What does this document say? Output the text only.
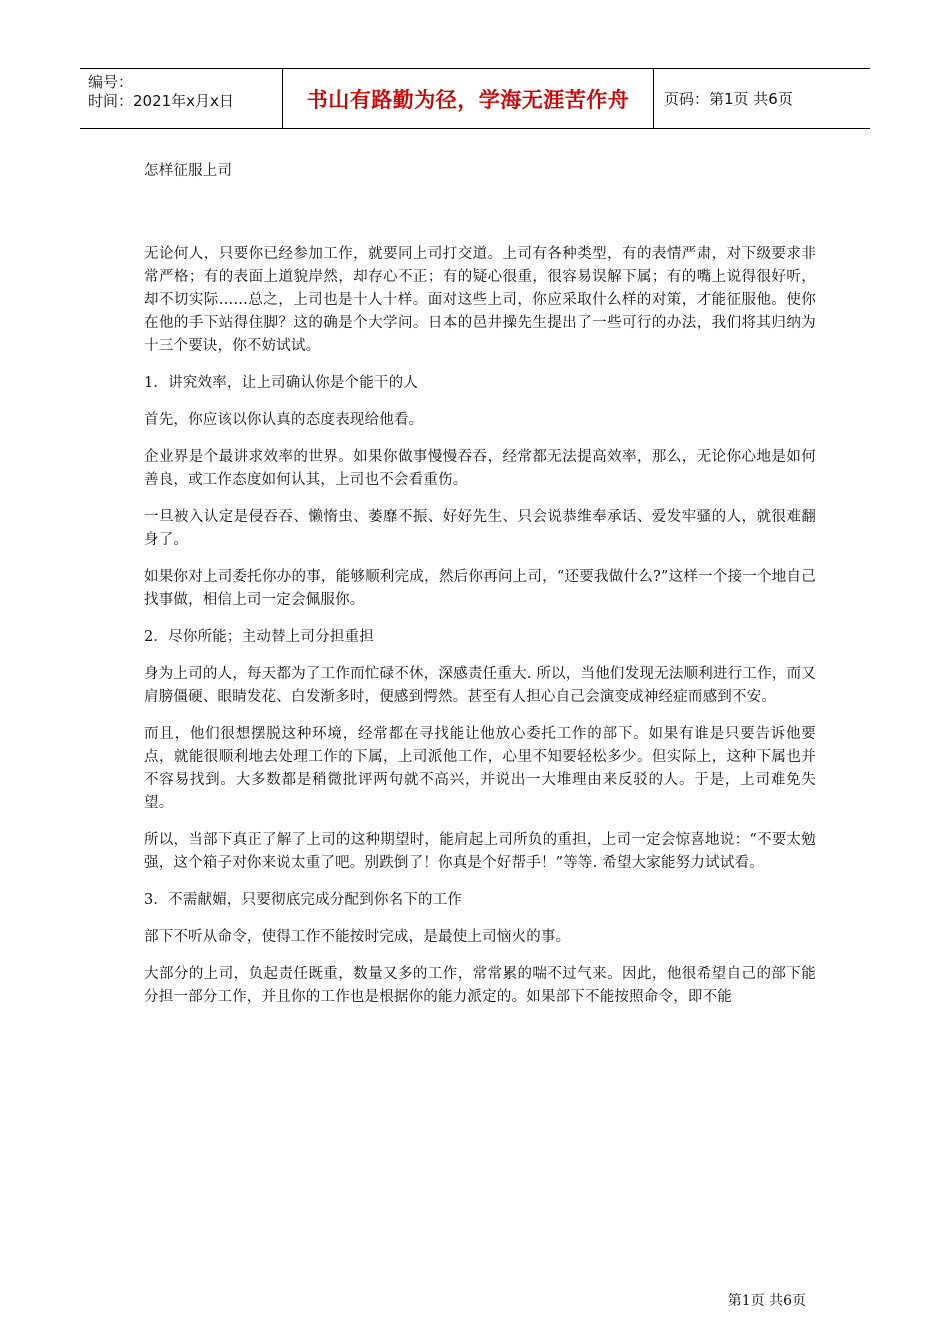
编号：
时间：2021年x月x日	书山有路勤为径，学海无涯苦作舟 页码：第1页 共6页
怎样征服上司

无论何人，只要你已经参加工作，就要同上司打交道。上司有各种类型，有的表情严肃，对下级要求非常严格；有的表面上道貌岸然，却存心不正；有的疑心很重，很容易误解下属；有的嘴上说得很好听，却不切实际……总之，上司也是十人十样。面对这些上司，你应采取什么样的对策，才能征服他。使你在他的手下站得住脚？这的确是个大学问。日本的邑井操先生提出了一些可行的办法，我们将其归纳为十三个要诀，你不妨试试。

1．讲究效率，让上司确认你是个能干的人

首先，你应该以你认真的态度表现给他看。

企业界是个最讲求效率的世界。如果你做事慢慢吞吞，经常都无法提高效率，那么，无论你心地是如何善良，或工作态度如何认其，上司也不会看重伤。

一旦被入认定是侵吞吞、懒惰虫、萎靡不振、好好先生、只会说恭维奉承话、爱发牢骚的人，就很难翻身了。

如果你对上司委托你办的事，能够顺利完成，然后你再问上司，“还要我做什么?”这样一个接一个地自己找事做，相信上司一定会佩服你。

2．尽你所能；主动替上司分担重担

身为上司的人，每天都为了工作而忙碌不休，深感责任重大. 所以，当他们发现无法顺利进行工作，而又肩膀僵硬、眼睛发花、白发渐多时，便感到愕然。甚至有人担心自己会演变成神经症而感到不安。

而且，他们很想摆脱这种环境，经常都在寻找能让他放心委托工作的部下。如果有谁是只要告诉他要点，就能很顺利地去处理工作的下属，上司派他工作，心里不知要轻松多少。但实际上，这种下属也并不容易找到。大多数都是稍微批评两句就不高兴，并说出一大堆理由来反驳的人。于是，上司难免失望。

所以，当部下真正了解了上司的这种期望时，能肩起上司所负的重担，上司一定会惊喜地说：“不要太勉强，这个箱子对你来说太重了吧。别跌倒了！你真是个好帮手！”等等. 希望大家能努力试试看。

3．不需献媚，只要彻底完成分配到你名下的工作

部下不听从命令，使得工作不能按时完成，是最使上司恼火的事。

大部分的上司，负起责任既重，数量又多的工作，常常累的喘不过气来。因此，他很希望自己的部下能分担一部分工作，并且你的工作也是根据你的能力派定的。如果部下不能按照命令，即不能

第1页 共6页
